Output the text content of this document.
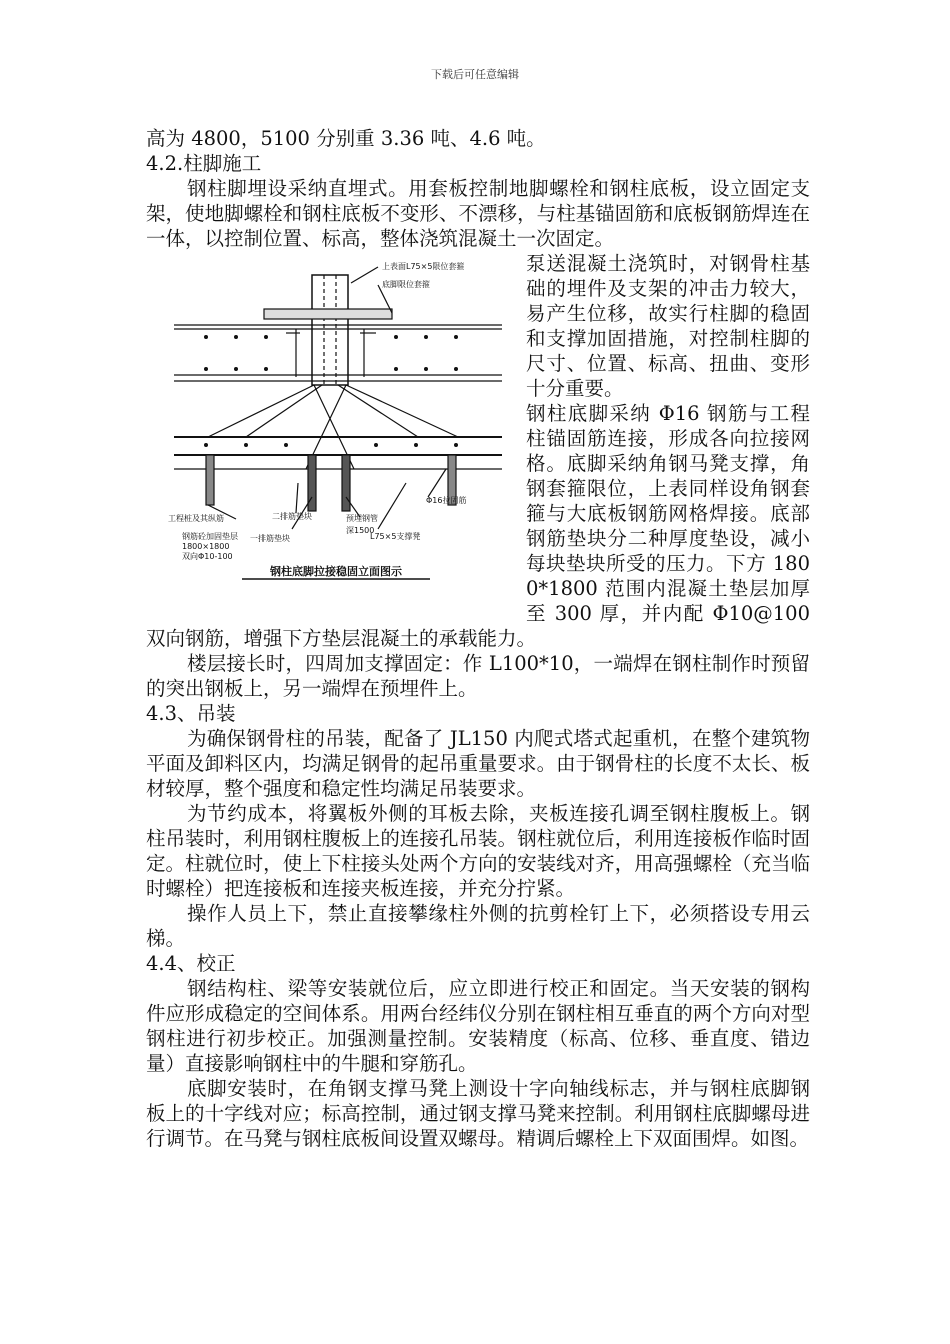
下载后可任意编辑

高为 4800，5100 分别重 3.36 吨、4.6 吨。

4.2.柱脚施工

钢柱脚埋设采纳直埋式。用套板控制地脚螺栓和钢柱底板，设立固定支架，使地脚螺栓和钢柱底板不变形、不漂移，与柱基锚固筋和底板钢筋焊连在一体，以控制位置、标高，整体浇筑混凝土一次固定。

上表面L75×5限位套箍
底脚限位套箍
工程桩及其纵筋
钢筋砼加固垫层
1800×1800
双向Φ10-100
二排筋垫块
一排筋垫块
预埋钢管
深1500
L75×5支撑凳
Φ16拉固筋
钢柱底脚拉接稳固立面图示

泵送混凝土浇筑时，对钢骨柱基础的埋件及支架的冲击力较大，易产生位移，故实行柱脚的稳固和支撑加固措施，对控制柱脚的尺寸、位置、标高、扭曲、变形十分重要。

钢柱底脚采纳 Φ16 钢筋与工程柱锚固筋连接，形成各向拉接网格。底脚采纳角钢马凳支撑，角钢套箍限位，上表同样设角钢套箍与大底板钢筋网格焊接。底部钢筋垫块分二种厚度垫设，减小每块垫块所受的压力。下方 1800*1800 范围内混凝土垫层加厚至 300 厚，并内配 Φ10@100 双向钢筋，增强下方垫层混凝土的承载能力。

楼层接长时，四周加支撑固定：作 L100*10，一端焊在钢柱制作时预留的突出钢板上，另一端焊在预埋件上。

4.3、吊装

为确保钢骨柱的吊装，配备了 JL150 内爬式塔式起重机，在整个建筑物平面及卸料区内，均满足钢骨的起吊重量要求。由于钢骨柱的长度不太长、板材较厚，整个强度和稳定性均满足吊装要求。

为节约成本，将翼板外侧的耳板去除，夹板连接孔调至钢柱腹板上。钢柱吊装时，利用钢柱腹板上的连接孔吊装。钢柱就位后，利用连接板作临时固定。柱就位时，使上下柱接头处两个方向的安装线对齐，用高强螺栓（充当临时螺栓）把连接板和连接夹板连接，并充分拧紧。

操作人员上下，禁止直接攀缘柱外侧的抗剪栓钉上下，必须搭设专用云梯。

4.4、校正

钢结构柱、梁等安装就位后，应立即进行校正和固定。当天安装的钢构件应形成稳定的空间体系。用两台经纬仪分别在钢柱相互垂直的两个方向对型钢柱进行初步校正。加强测量控制。安装精度（标高、位移、垂直度、错边量）直接影响钢柱中的牛腿和穿筋孔。

底脚安装时，在角钢支撑马凳上测设十字向轴线标志，并与钢柱底脚钢板上的十字线对应；标高控制，通过钢支撑马凳来控制。利用钢柱底脚螺母进行调节。在马凳与钢柱底板间设置双螺母。精调后螺栓上下双面围焊。如图。
